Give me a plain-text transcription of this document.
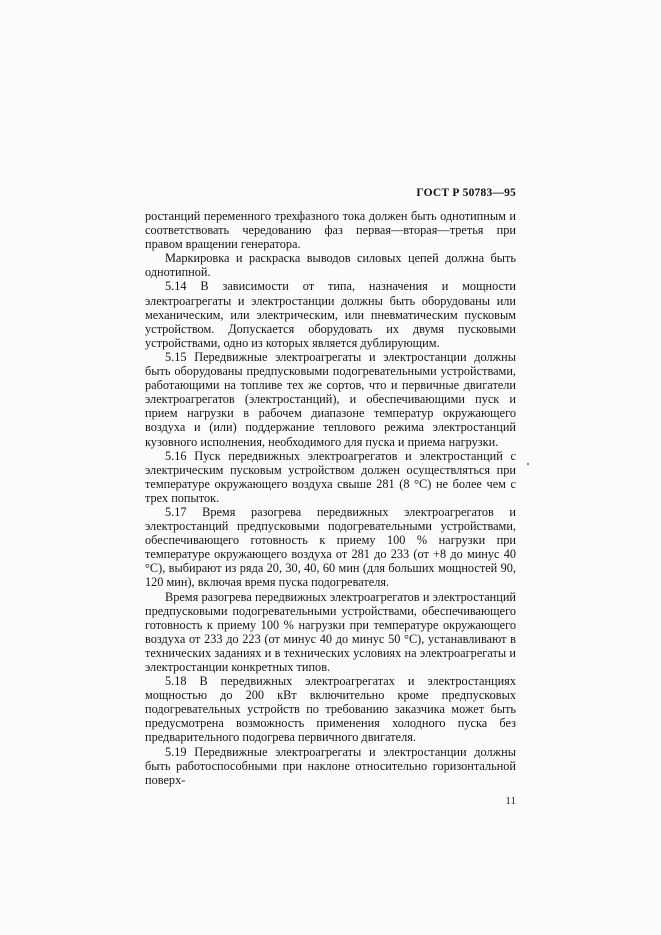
ГОСТ Р 50783—95

ростанций переменного трехфазного тока должен быть однотипным и соответствовать чередованию фаз первая—вторая—третья при правом вращении генератора.

Маркировка и раскраска выводов силовых цепей должна быть однотипной.

5.14 В зависимости от типа, назначения и мощности электроагрегаты и электростанции должны быть оборудованы или механическим, или электрическим, или пневматическим пусковым устройством. Допускается оборудовать их двумя пусковыми устройствами, одно из которых является дублирующим.

5.15 Передвижные электроагрегаты и электростанции должны быть оборудованы предпусковыми подогревательными устройствами, работающими на топливе тех же сортов, что и первичные двигатели электроагрегатов (электростанций), и обеспечивающими пуск и прием нагрузки в рабочем диапазоне температур окружающего воздуха и (или) поддержание теплового режима электростанций кузовного исполнения, необходимого для пуска и приема нагрузки.

5.16 Пуск передвижных электроагрегатов и электростанций с электрическим пусковым устройством должен осуществляться при температуре окружающего воздуха свыше 281 (8 °С) не более чем с трех попыток.

5.17 Время разогрева передвижных электроагрегатов и электростанций предпусковыми подогревательными устройствами, обеспечивающего готовность к приему 100 % нагрузки при температуре окружающего воздуха от 281 до 233 (от +8 до минус 40 °С), выбирают из ряда 20, 30, 40, 60 мин (для больших мощностей 90, 120 мин), включая время пуска подогревателя.

Время разогрева передвижных электроагрегатов и электростанций предпусковыми подогревательными устройствами, обеспечивающего готовность к приему 100 % нагрузки при температуре окружающего воздуха от 233 до 223 (от минус 40 до минус 50 °С), устанавливают в технических заданиях и в технических условиях на электроагрегаты и электростанции конкретных типов.

5.18 В передвижных электроагрегатах и электростанциях мощностью до 200 кВт включительно кроме предпусковых подогревательных устройств по требованию заказчика может быть предусмотрена возможность применения холодного пуска без предварительного подогрева первичного двигателя.

5.19 Передвижные электроагрегаты и электростанции должны быть работоспособными при наклоне относительно горизонтальной поверх-

11
